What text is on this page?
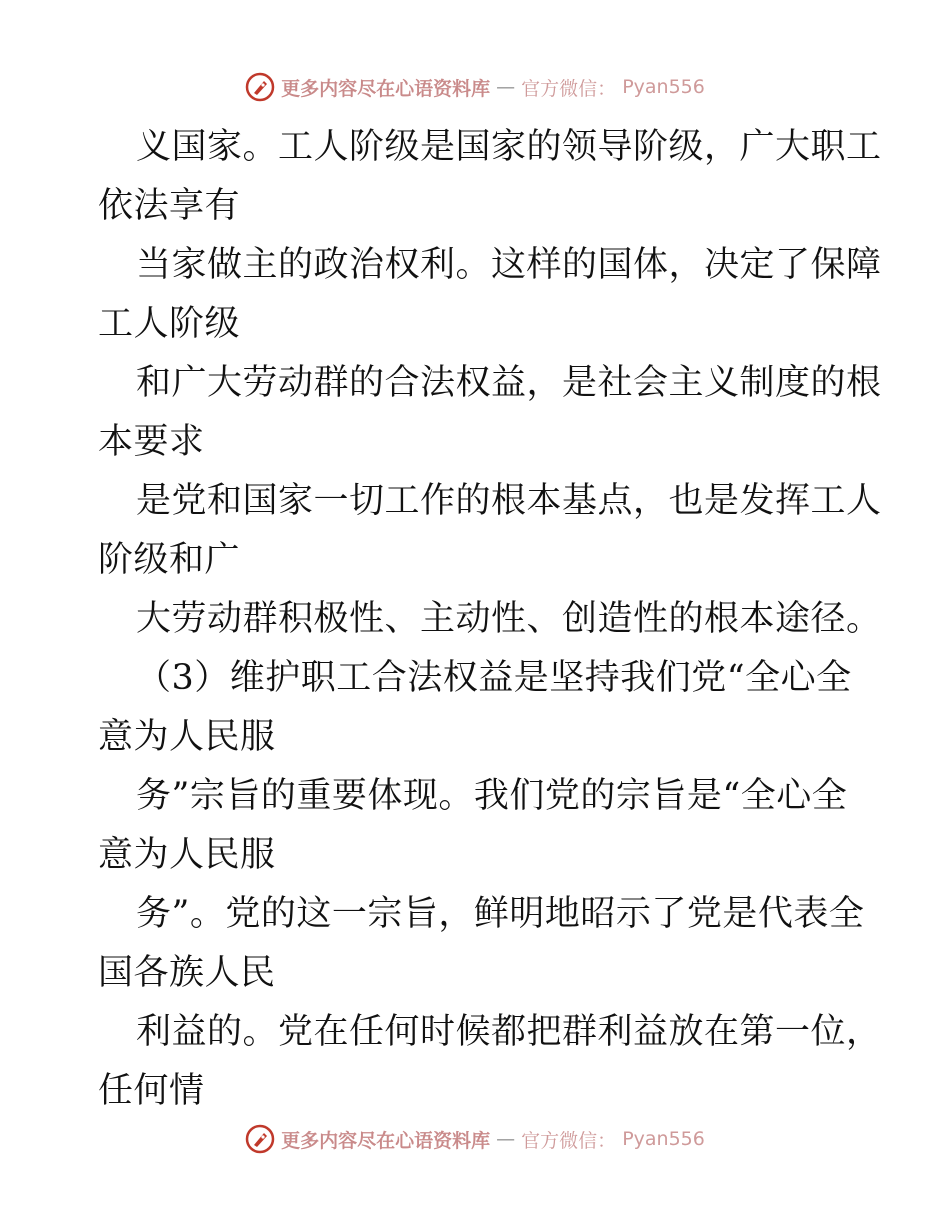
更多内容尽在心语资料库 — 官方微信： Pyan556
义国家。工人阶级是国家的领导阶级，广大职工
依法享有
当家做主的政治权利。这样的国体，决定了保障
工人阶级
和广大劳动群的合法权益，是社会主义制度的根
本要求
是党和国家一切工作的根本基点，也是发挥工人
阶级和广
大劳动群积极性、主动性、创造性的根本途径。
（3）维护职工合法权益是坚持我们党“全心全
意为人民服
务”宗旨的重要体现。我们党的宗旨是“全心全
意为人民服
务”。党的这一宗旨，鲜明地昭示了党是代表全
国各族人民
利益的。党在任何时候都把群利益放在第一位，
任何情
更多内容尽在心语资料库 — 官方微信： Pyan556
